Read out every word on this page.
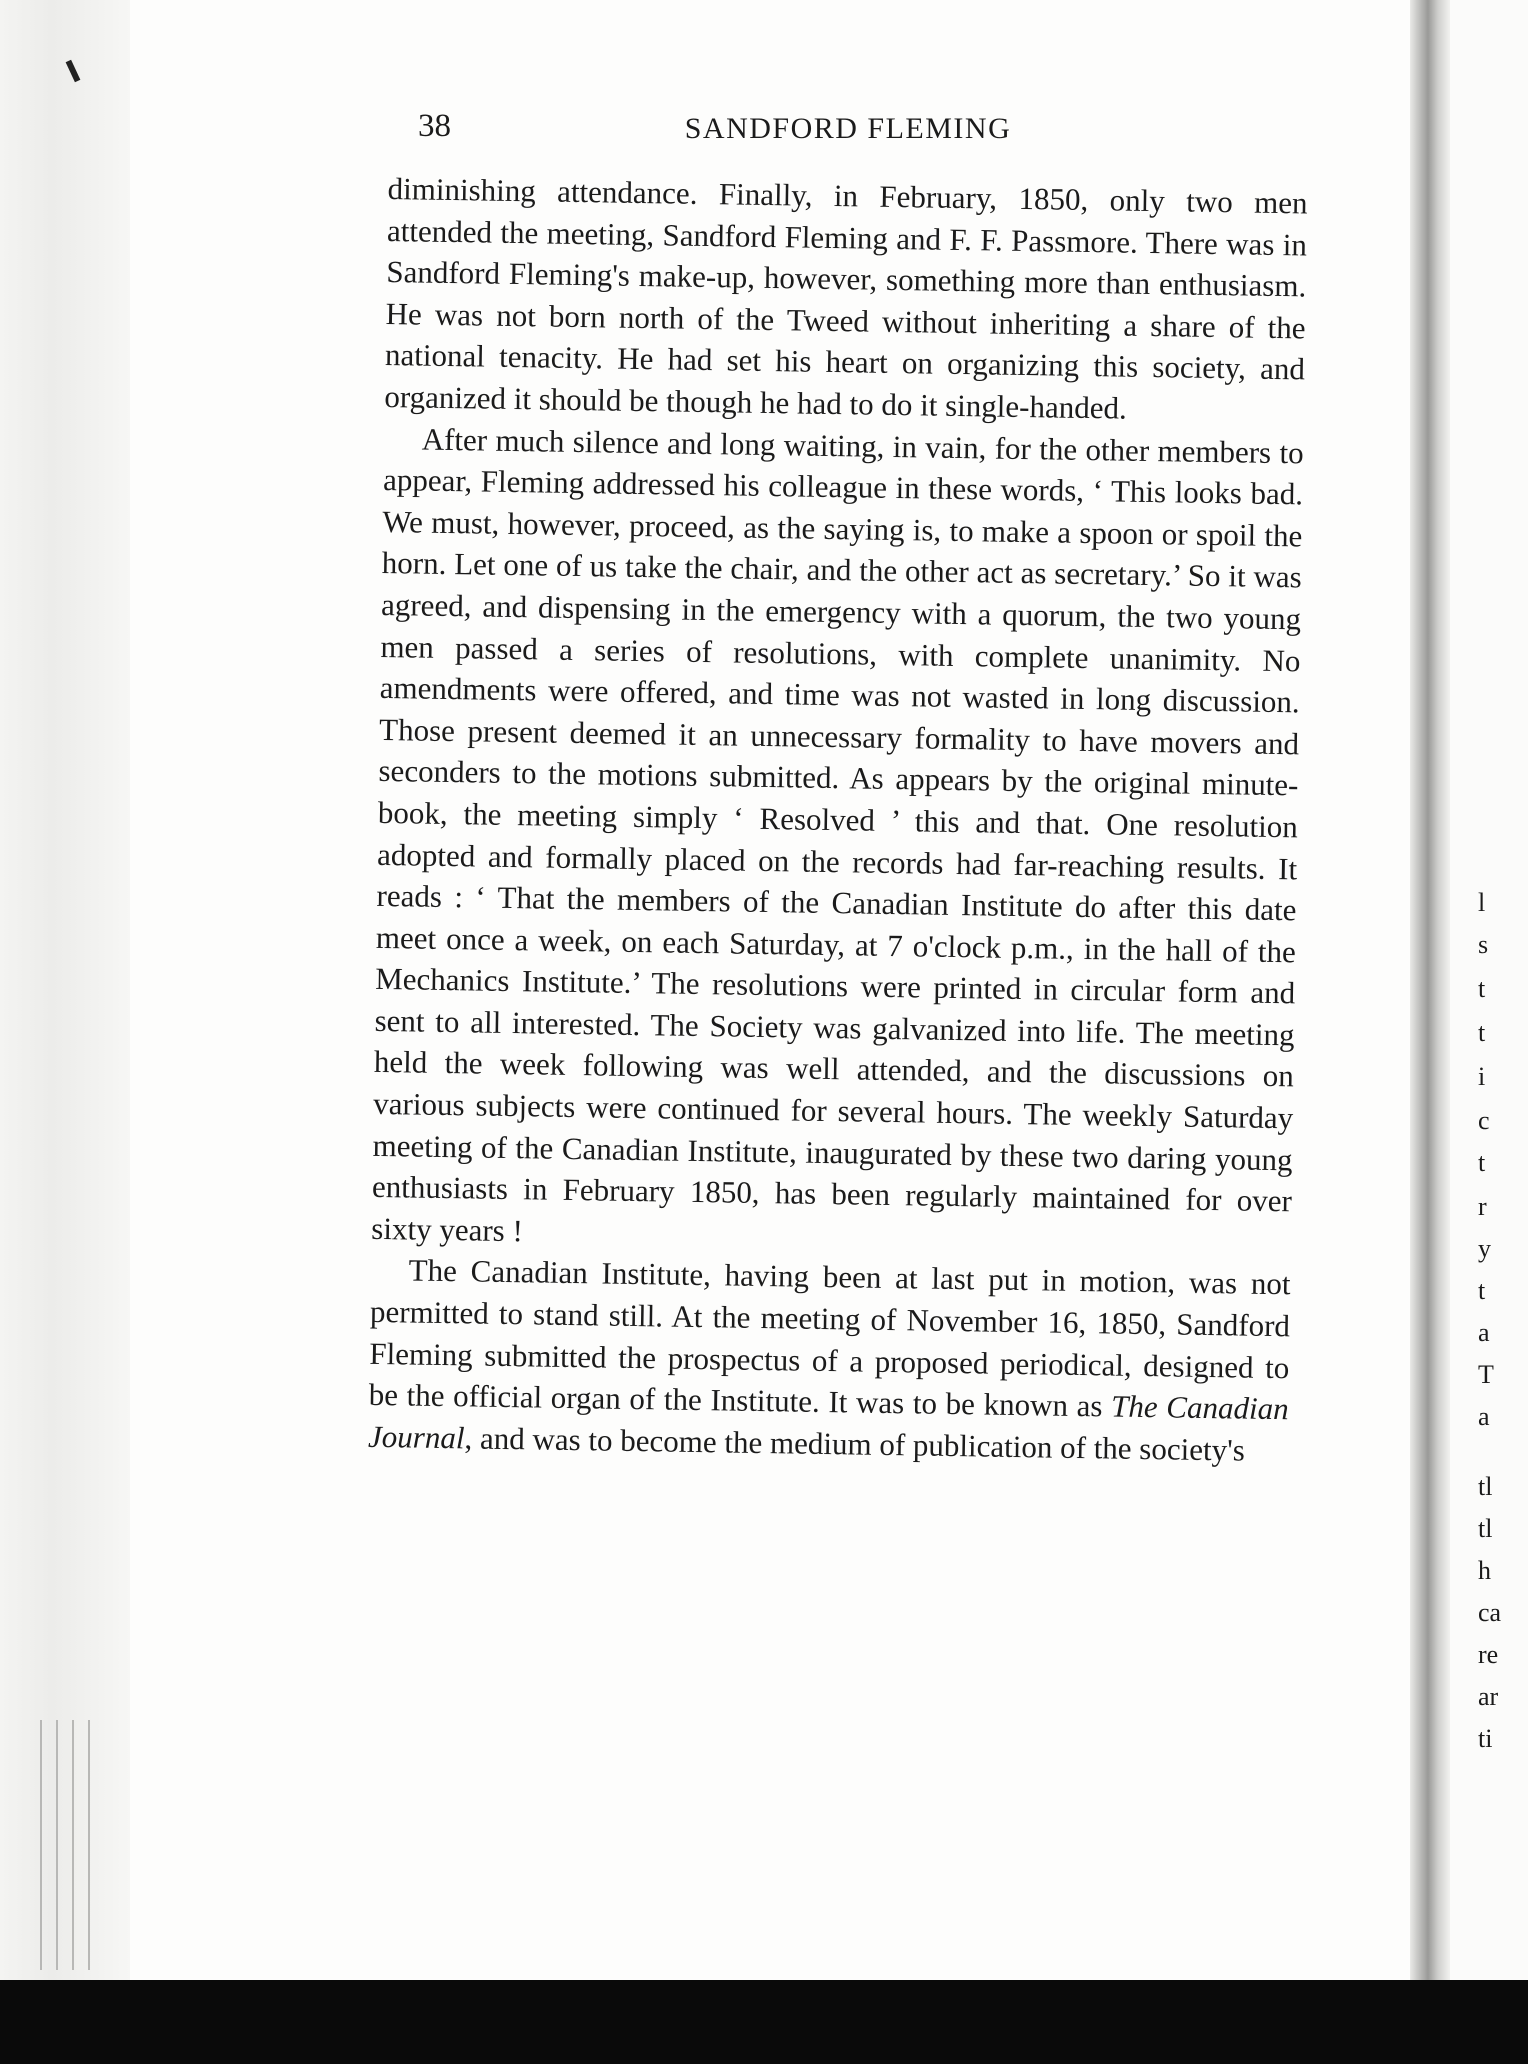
38	SANDFORD FLEMING

diminishing attendance. Finally, in February, 1850, only two men attended the meeting, Sandford Fleming and F. F. Passmore. There was in Sandford Fleming's make-up, however, something more than enthusiasm. He was not born north of the Tweed without inheriting a share of the national tenacity. He had set his heart on organizing this society, and organized it should be though he had to do it single-handed.

After much silence and long waiting, in vain, for the other members to appear, Fleming addressed his colleague in these words, ‘ This looks bad. We must, however, proceed, as the saying is, to make a spoon or spoil the horn. Let one of us take the chair, and the other act as secretary.’ So it was agreed, and dispensing in the emergency with a quorum, the two young men passed a series of resolutions, with complete unanimity. No amendments were offered, and time was not wasted in long discussion. Those present deemed it an unnecessary formality to have movers and seconders to the motions submitted. As appears by the original minute-book, the meeting simply ‘ Resolved ’ this and that. One resolution adopted and formally placed on the records had far-reaching results. It reads : ‘ That the members of the Canadian Institute do after this date meet once a week, on each Saturday, at 7 o'clock p.m., in the hall of the Mechanics Institute.’ The resolutions were printed in circular form and sent to all interested. The Society was galvanized into life. The meeting held the week following was well attended, and the discussions on various subjects were continued for several hours. The weekly Saturday meeting of the Canadian Institute, inaugurated by these two daring young enthusiasts in February 1850, has been regularly maintained for over sixty years !

The Canadian Institute, having been at last put in motion, was not permitted to stand still. At the meeting of November 16, 1850, Sandford Fleming submitted the prospectus of a proposed periodical, designed to be the official organ of the Institute. It was to be known as The Canadian Journal, and was to become the medium of publication of the society's

l
s
t
t
i
c
t
r
y
t
a
T
a
tl
tl
h
ca
re
ar
ti
